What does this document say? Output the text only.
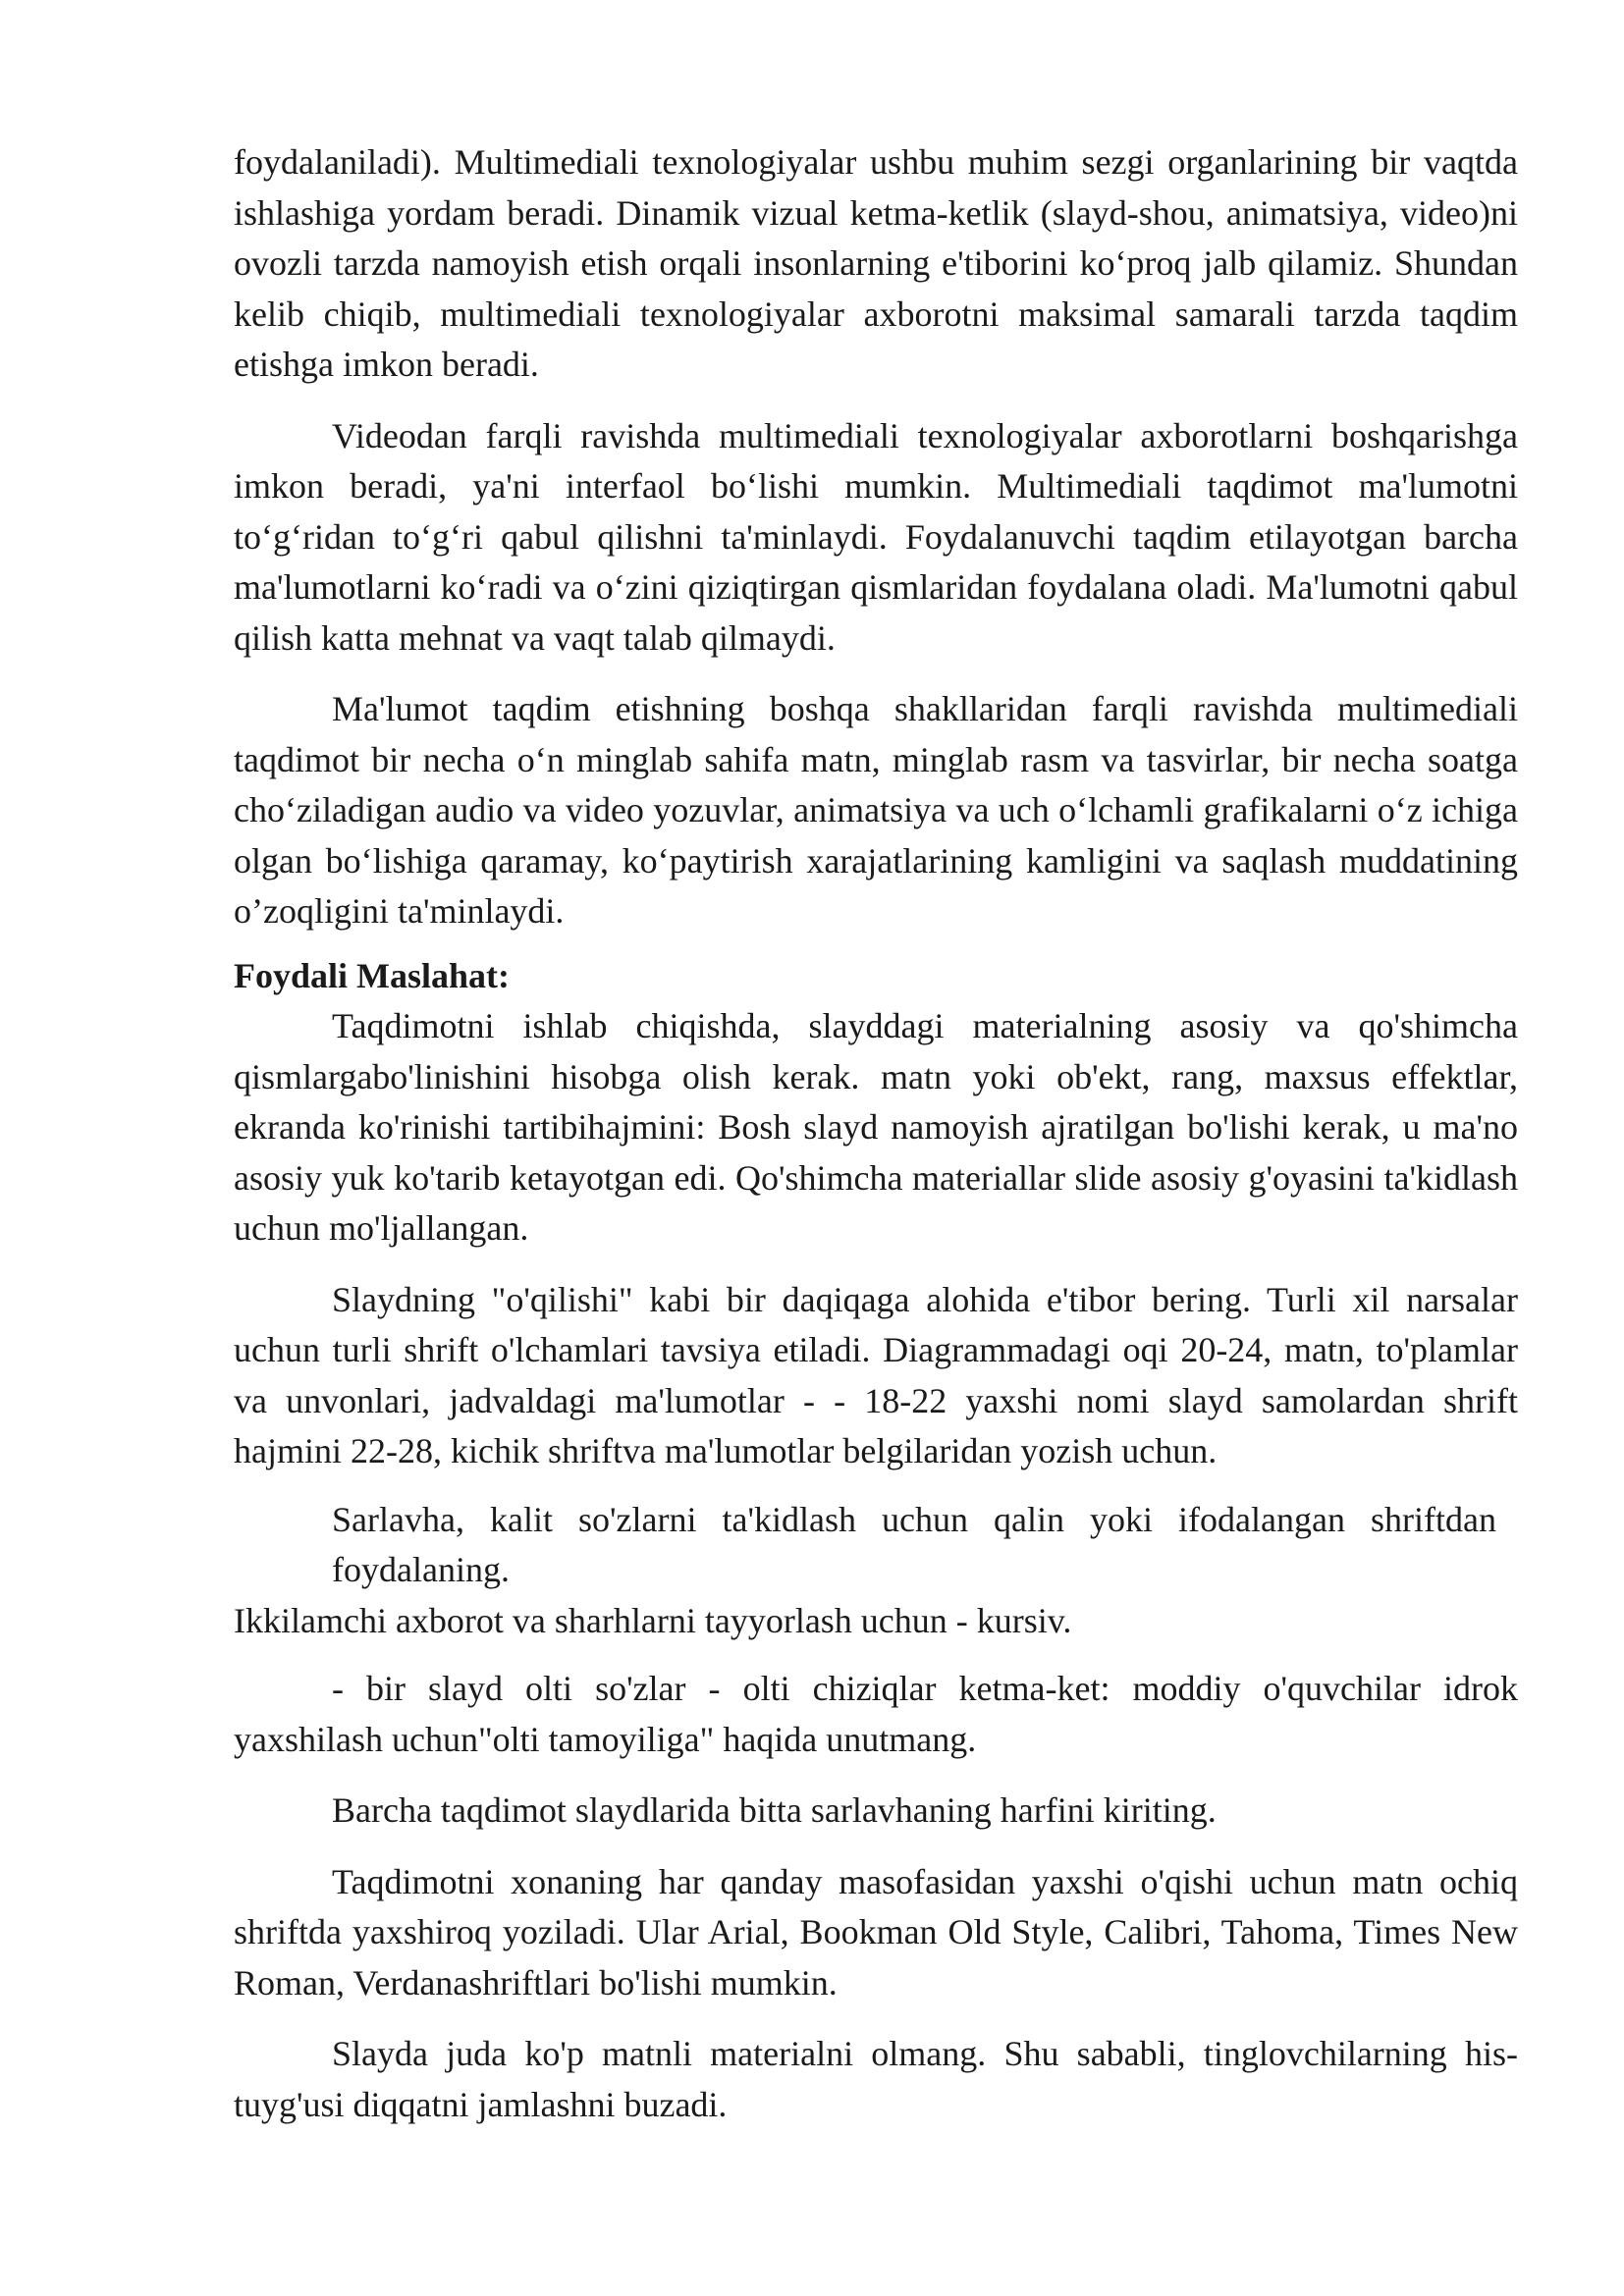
foydalaniladi). Multimediali texnologiyalar ushbu muhim sezgi organlarining bir vaqtda ishlashiga yordam beradi. Dinamik vizual ketma-ketlik (slayd-shou, animatsiya, video)ni ovozli tarzda namoyish etish orqali insonlarning e'tiborini ko‘proq jalb qilamiz. Shundan kelib chiqib, multimediali texnologiyalar axborotni maksimal samarali tarzda taqdim etishga imkon beradi.

Videodan farqli ravishda multimediali texnologiyalar axborotlarni boshqarishga imkon beradi, ya'ni interfaol bo‘lishi mumkin. Multimediali taqdimot ma'lumotni to‘g‘ridan to‘g‘ri qabul qilishni ta'minlaydi. Foydalanuvchi taqdim etilayotgan barcha ma'lumotlarni ko‘radi va o‘zini qiziqtirgan qismlaridan foydalana oladi. Ma'lumotni qabul qilish katta mehnat va vaqt talab qilmaydi.

Ma'lumot taqdim etishning boshqa shakllaridan farqli ravishda multimediali taqdimot bir necha o‘n minglab sahifa matn, minglab rasm va tasvirlar, bir necha soatga cho‘ziladigan audio va video yozuvlar, animatsiya va uch o‘lchamli grafikalarni o‘z ichiga olgan bo‘lishiga qaramay, ko‘paytirish xarajatlarining kamligini va saqlash muddatining o’zoqligini ta'minlaydi.

Foydali Maslahat:

Taqdimotni ishlab chiqishda, slayddagi materialning asosiy va qo'shimcha qismlargabo'linishini hisobga olish kerak. matn yoki ob'ekt, rang, maxsus effektlar, ekranda ko'rinishi tartibihajmini: Bosh slayd namoyish ajratilgan bo'lishi kerak, u ma'no asosiy yuk ko'tarib ketayotgan edi. Qo'shimcha materiallar slide asosiy g'oyasini ta'kidlash uchun mo'ljallangan.

Slaydning "o'qilishi" kabi bir daqiqaga alohida e'tibor bering. Turli xil narsalar uchun turli shrift o'lchamlari tavsiya etiladi. Diagrammadagi oqi 20-24, matn, to'plamlar va unvonlari, jadvaldagi ma'lumotlar - - 18-22 yaxshi nomi slayd samolardan shrift hajmini 22-28, kichik shriftva ma'lumotlar belgilaridan yozish uchun.

Sarlavha, kalit so'zlarni ta'kidlash uchun qalin yoki ifodalangan shriftdan foydalaning.

Ikkilamchi axborot va sharhlarni tayyorlash uchun - kursiv.

- bir slayd olti so'zlar - olti chiziqlar ketma-ket: moddiy o'quvchilar idrok yaxshilash uchun"olti tamoyiliga" haqida unutmang.

Barcha taqdimot slaydlarida bitta sarlavhaning harfini kiriting.

Taqdimotni xonaning har qanday masofasidan yaxshi o'qishi uchun matn ochiq shriftda yaxshiroq yoziladi. Ular Arial, Bookman Old Style, Calibri, Tahoma, Times New Roman, Verdanashriftlari bo'lishi mumkin.

Slayda juda ko'p matnli materialni olmang. Shu sababli, tinglovchilarning his-tuyg'usi diqqatni jamlashni buzadi.
